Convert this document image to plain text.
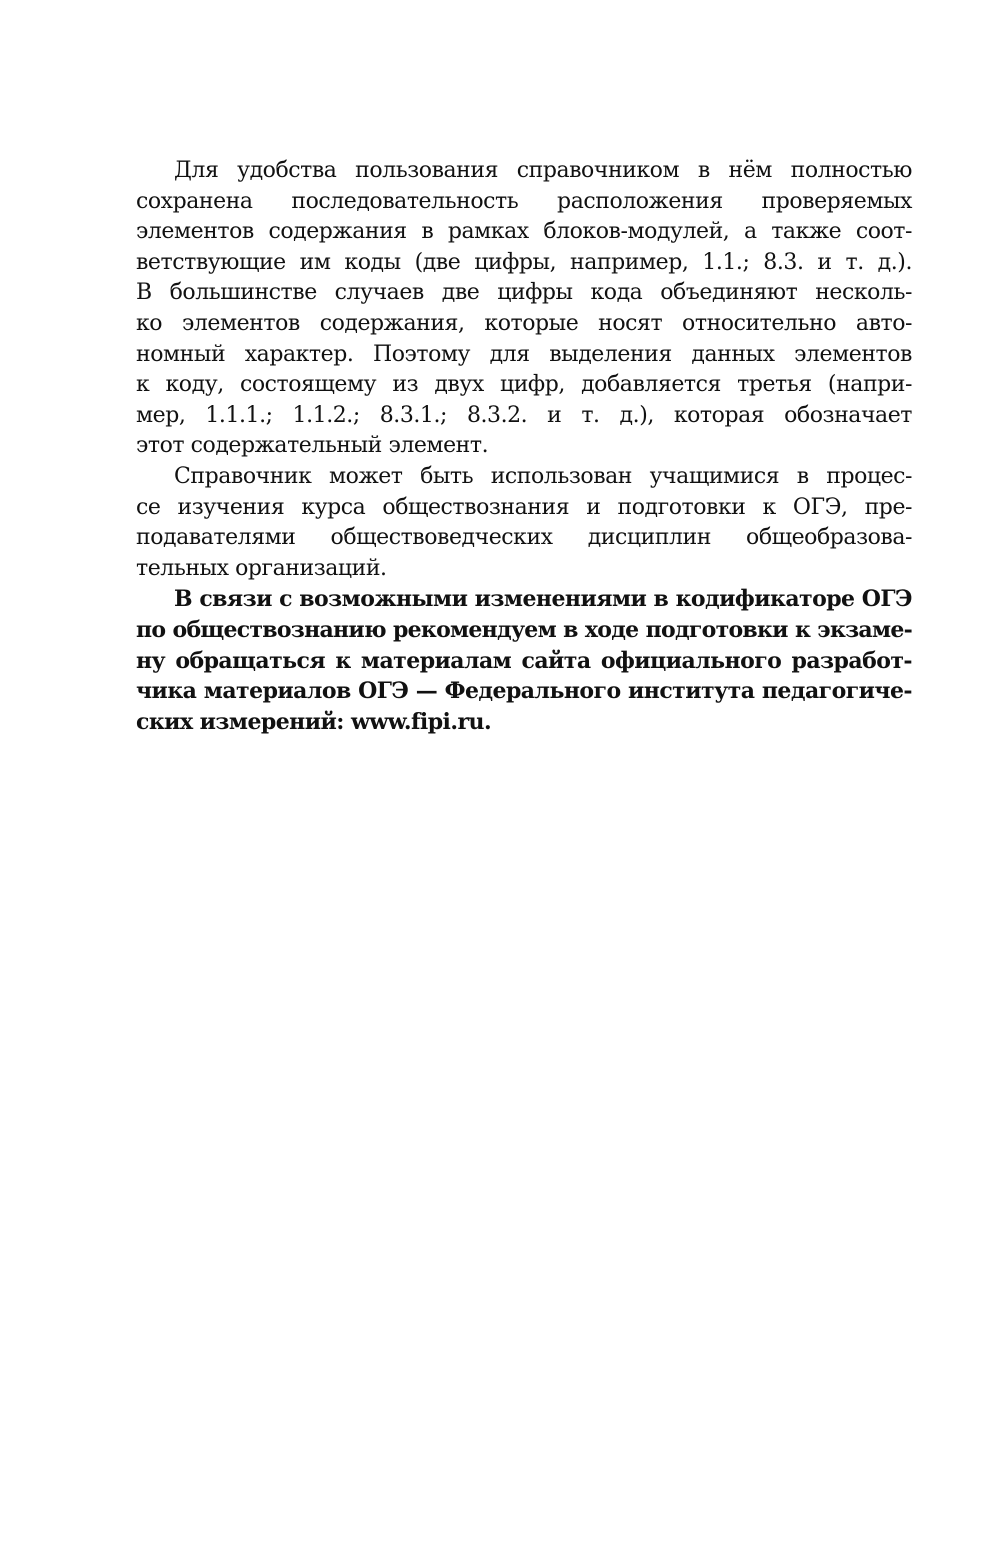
Для удобства пользования справочником в нём полностью
сохранена последовательность расположения проверяемых
элементов содержания в рамках блоков-модулей, а также соот-
ветствующие им коды (две цифры, например, 1.1.; 8.3. и т. д.).
В большинстве случаев две цифры кода объединяют несколь-
ко элементов содержания, которые носят относительно авто-
номный характер. Поэтому для выделения данных элементов
к коду, состоящему из двух цифр, добавляется третья (напри-
мер, 1.1.1.; 1.1.2.; 8.3.1.; 8.3.2. и т. д.), которая обозначает
этот содержательный элемент.
Справочник может быть использован учащимися в процес-
се изучения курса обществознания и подготовки к ОГЭ, пре-
подавателями обществоведческих дисциплин общеобразова-
тельных организаций.
В связи с возможными изменениями в кодификаторе ОГЭ
по обществознанию рекомендуем в ходе подготовки к экзаме-
ну обращаться к материалам сайта официального разработ-
чика материалов ОГЭ — Федерального института педагогиче-
ских измерений: www.fipi.ru.
